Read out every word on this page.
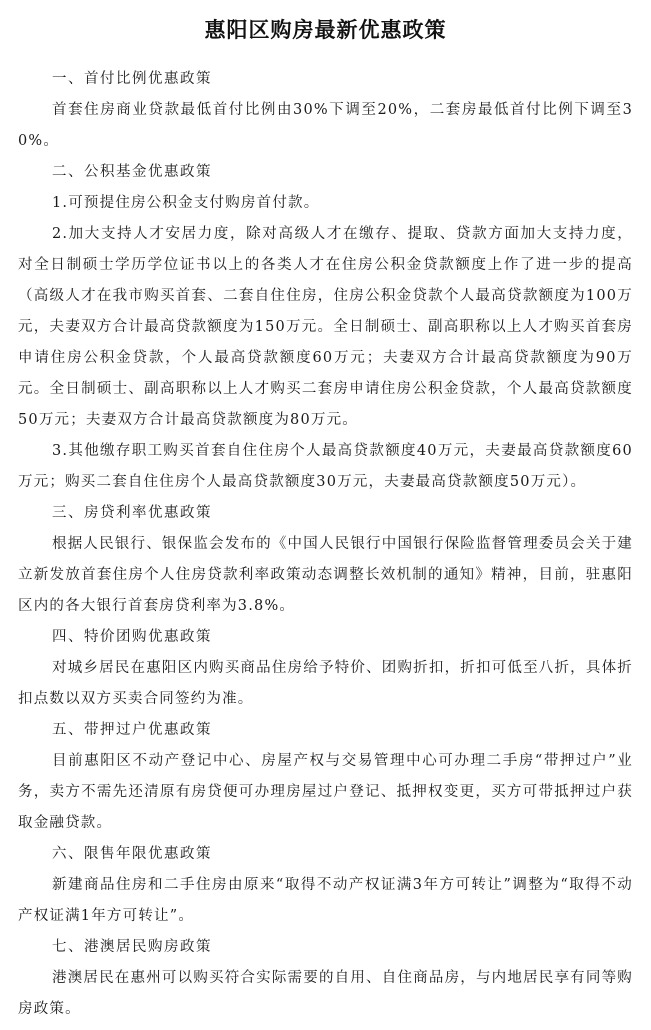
惠阳区购房最新优惠政策

一、首付比例优惠政策

首套住房商业贷款最低首付比例由30%下调至20%，二套房最低首付比例下调至30%。

二、公积基金优惠政策

1.可预提住房公积金支付购房首付款。

2.加大支持人才安居力度，除对高级人才在缴存、提取、贷款方面加大支持力度，对全日制硕士学历学位证书以上的各类人才在住房公积金贷款额度上作了进一步的提高（高级人才在我市购买首套、二套自住住房，住房公积金贷款个人最高贷款额度为100万元，夫妻双方合计最高贷款额度为150万元。全日制硕士、副高职称以上人才购买首套房申请住房公积金贷款，个人最高贷款额度60万元；夫妻双方合计最高贷款额度为90万元。全日制硕士、副高职称以上人才购买二套房申请住房公积金贷款，个人最高贷款额度50万元；夫妻双方合计最高贷款额度为80万元。

3.其他缴存职工购买首套自住住房个人最高贷款额度40万元，夫妻最高贷款额度60万元；购买二套自住住房个人最高贷款额度30万元，夫妻最高贷款额度50万元）。

三、房贷利率优惠政策

根据人民银行、银保监会发布的《中国人民银行中国银行保险监督管理委员会关于建立新发放首套住房个人住房贷款利率政策动态调整长效机制的通知》精神，目前，驻惠阳区内的各大银行首套房贷利率为3.8%。

四、特价团购优惠政策

对城乡居民在惠阳区内购买商品住房给予特价、团购折扣，折扣可低至八折，具体折扣点数以双方买卖合同签约为准。

五、带押过户优惠政策

目前惠阳区不动产登记中心、房屋产权与交易管理中心可办理二手房“带押过户”业务，卖方不需先还清原有房贷便可办理房屋过户登记、抵押权变更，买方可带抵押过户获取金融贷款。

六、限售年限优惠政策

新建商品住房和二手住房由原来“取得不动产权证满3年方可转让”调整为“取得不动产权证满1年方可转让”。

七、港澳居民购房政策

港澳居民在惠州可以购买符合实际需要的自用、自住商品房，与内地居民享有同等购房政策。
